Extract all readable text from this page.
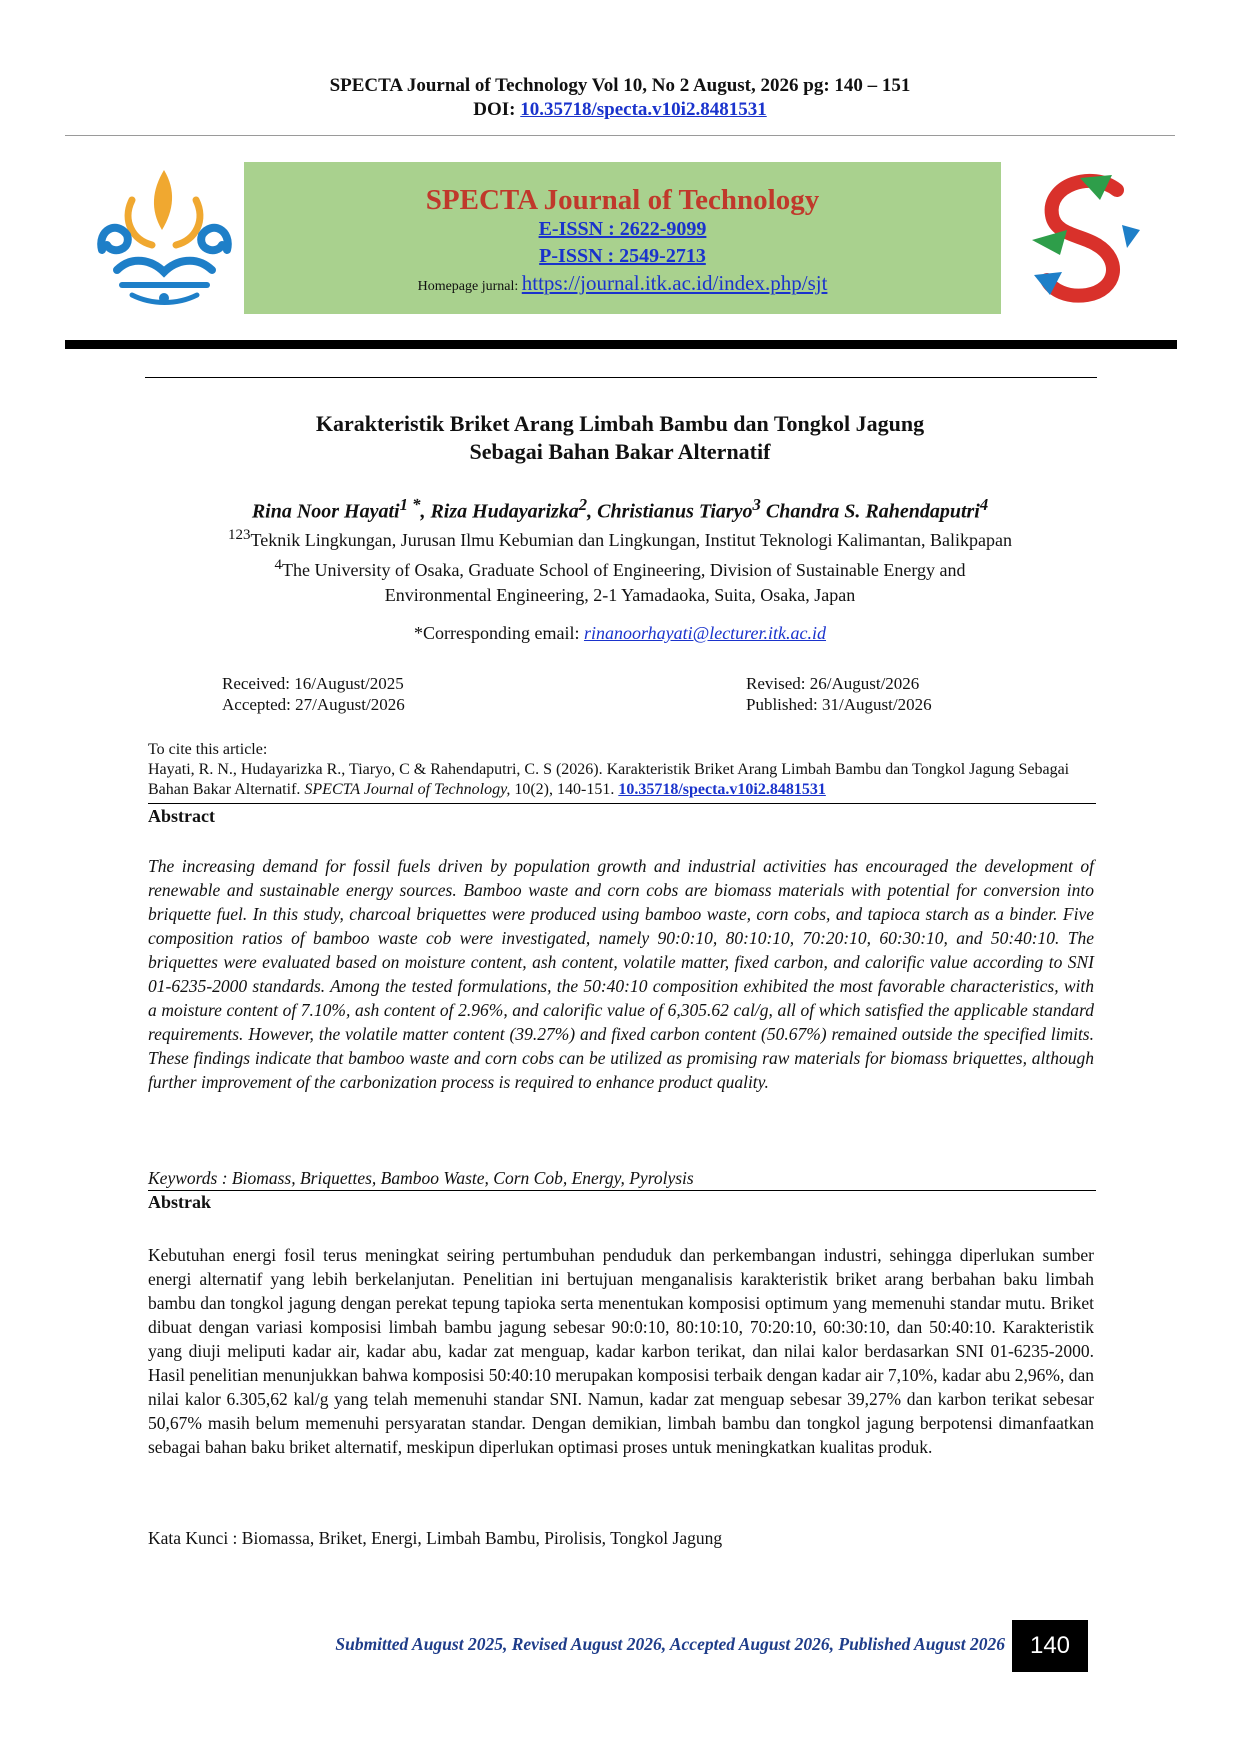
SPECTA Journal of Technology Vol 10, No 2 August, 2026 pg: 140 – 151
DOI: 10.35718/specta.v10i2.8481531
SPECTA Journal of Technology
E-ISSN : 2622-9099
P-ISSN : 2549-2713
Homepage jurnal: https://journal.itk.ac.id/index.php/sjt
Karakteristik Briket Arang Limbah Bambu dan Tongkol Jagung
Sebagai Bahan Bakar Alternatif
Rina Noor Hayati$^{1 *}$, Riza Hudayarizka$^2$, Christianus Tiaryo$^3$ Chandra S. Rahendaputri$^4$
$^{123}$Teknik Lingkungan, Jurusan Ilmu Kebumian dan Lingkungan, Institut Teknologi Kalimantan, Balikpapan
$^4$The University of Osaka, Graduate School of Engineering, Division of Sustainable Energy and
Environmental Engineering, 2-1 Yamadaoka, Suita, Osaka, Japan
*Corresponding email: rinanoorhayati@lecturer.itk.ac.id
Received: 16/August/2025
Accepted: 27/August/2026
Revised: 26/August/2026
Published: 31/August/2026
To cite this article:
Hayati, R. N., Hudayarizka R., Tiaryo, C & Rahendaputri, C. S (2026). Karakteristik Briket Arang Limbah Bambu dan Tongkol Jagung Sebagai Bahan Bakar Alternatif. SPECTA Journal of Technology, 10(2), 140-151. 10.35718/specta.v10i2.8481531
Abstract
The increasing demand for fossil fuels driven by population growth and industrial activities has encouraged the development of renewable and sustainable energy sources. Bamboo waste and corn cobs are biomass materials with potential for conversion into briquette fuel. In this study, charcoal briquettes were produced using bamboo waste, corn cobs, and tapioca starch as a binder. Five composition ratios of bamboo waste cob were investigated, namely 90:0:10, 80:10:10, 70:20:10, 60:30:10, and 50:40:10. The briquettes were evaluated based on moisture content, ash content, volatile matter, fixed carbon, and calorific value according to SNI 01-6235-2000 standards. Among the tested formulations, the 50:40:10 composition exhibited the most favorable characteristics, with a moisture content of 7.10%, ash content of 2.96%, and calorific value of 6,305.62 cal/g, all of which satisfied the applicable standard requirements. However, the volatile matter content (39.27%) and fixed carbon content (50.67%) remained outside the specified limits. These findings indicate that bamboo waste and corn cobs can be utilized as promising raw materials for biomass briquettes, although further improvement of the carbonization process is required to enhance product quality.
Keywords : Biomass, Briquettes, Bamboo Waste, Corn Cob, Energy, Pyrolysis
Abstrak
Kebutuhan energi fosil terus meningkat seiring pertumbuhan penduduk dan perkembangan industri, sehingga diperlukan sumber energi alternatif yang lebih berkelanjutan. Penelitian ini bertujuan menganalisis karakteristik briket arang berbahan baku limbah bambu dan tongkol jagung dengan perekat tepung tapioka serta menentukan komposisi optimum yang memenuhi standar mutu. Briket dibuat dengan variasi komposisi limbah bambu jagung sebesar 90:0:10, 80:10:10, 70:20:10, 60:30:10, dan 50:40:10. Karakteristik yang diuji meliputi kadar air, kadar abu, kadar zat menguap, kadar karbon terikat, dan nilai kalor berdasarkan SNI 01-6235-2000. Hasil penelitian menunjukkan bahwa komposisi 50:40:10 merupakan komposisi terbaik dengan kadar air 7,10%, kadar abu 2,96%, dan nilai kalor 6.305,62 kal/g yang telah memenuhi standar SNI. Namun, kadar zat menguap sebesar 39,27% dan karbon terikat sebesar 50,67% masih belum memenuhi persyaratan standar. Dengan demikian, limbah bambu dan tongkol jagung berpotensi dimanfaatkan sebagai bahan baku briket alternatif, meskipun diperlukan optimasi proses untuk meningkatkan kualitas produk.
Kata Kunci : Biomassa, Briket, Energi, Limbah Bambu, Pirolisis, Tongkol Jagung
Submitted August 2025, Revised August 2026, Accepted August 2026, Published August 2026	140
